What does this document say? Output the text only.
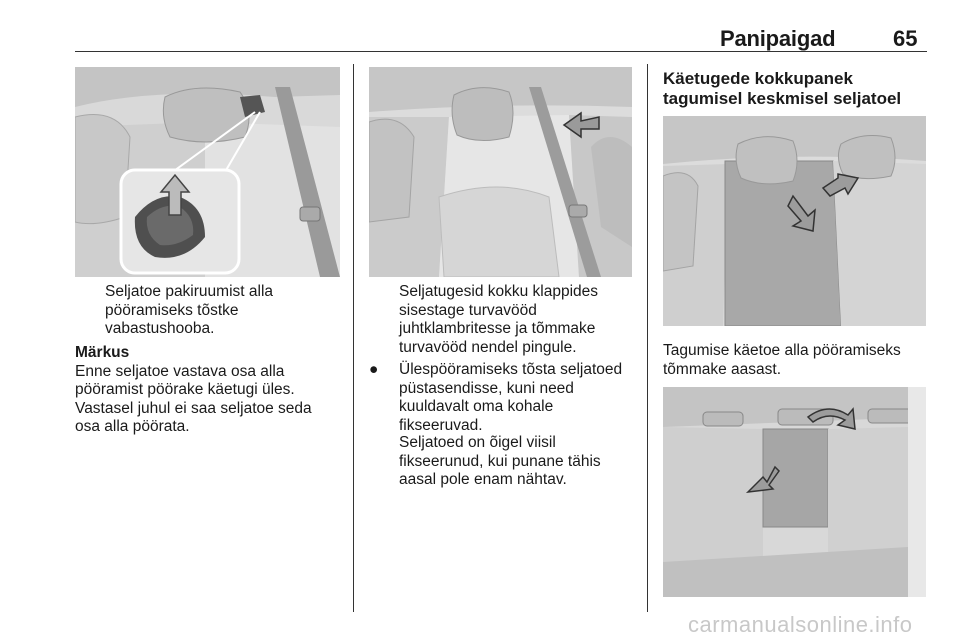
Panipaigad	65

Seljatoe pakiruumist alla pööramiseks tõstke vabastushooba.

Märkus

Enne seljatoe vastava osa alla pööramist pöörake käetugi üles. Vastasel juhul ei saa seljatoe seda osa alla pöörata.

Seljatugesid kokku klappides sisestage turvavööd juhtklambritesse ja tõmmake turvavööd nendel pingule.

●	Ülespööramiseks tõsta seljatoed püstasendisse, kuni need kuuldavalt oma kohale fikseeruvad.

Seljatoed on õigel viisil fikseerunud, kui punane tähis aasal pole enam nähtav.

Käetugede kokkupanek tagumisel keskmisel seljatoel

Tagumise käetoe alla pööramiseks tõmmake aasast.

carmanualsonline.info
